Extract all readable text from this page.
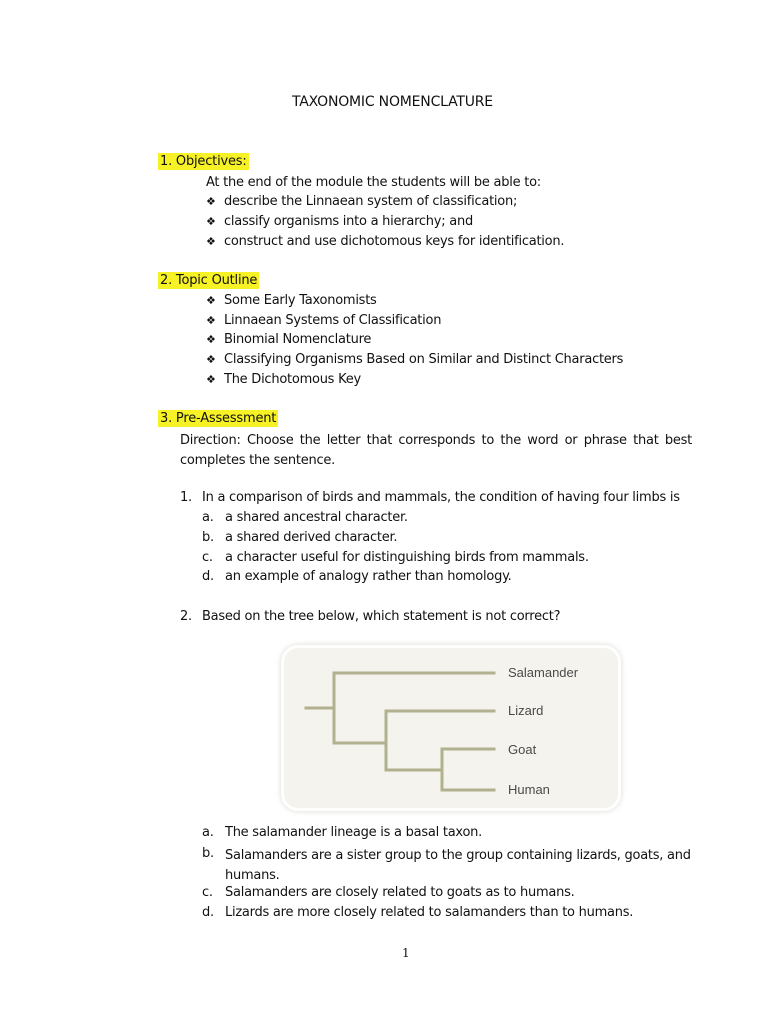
TAXONOMIC NOMENCLATURE
1. Objectives:
At the end of the module the students will be able to:
❖ describe the Linnaean system of classification;
❖ classify organisms into a hierarchy; and
❖ construct and use dichotomous keys for identification.
2. Topic Outline
❖ Some Early Taxonomists
❖ Linnaean Systems of Classification
❖ Binomial Nomenclature
❖ Classifying Organisms Based on Similar and Distinct Characters
❖ The Dichotomous Key
3. Pre-Assessment
Direction: Choose the letter that corresponds to the word or phrase that best completes the sentence.
1. In a comparison of birds and mammals, the condition of having four limbs is
a. a shared ancestral character.
b. a shared derived character.
c. a character useful for distinguishing birds from mammals.
d. an example of analogy rather than homology.
2. Based on the tree below, which statement is not correct?
Salamander
Lizard
Goat
Human
a. The salamander lineage is a basal taxon.
b. Salamanders are a sister group to the group containing lizards, goats, and humans.
c. Salamanders are closely related to goats as to humans.
d. Lizards are more closely related to salamanders than to humans.
1
